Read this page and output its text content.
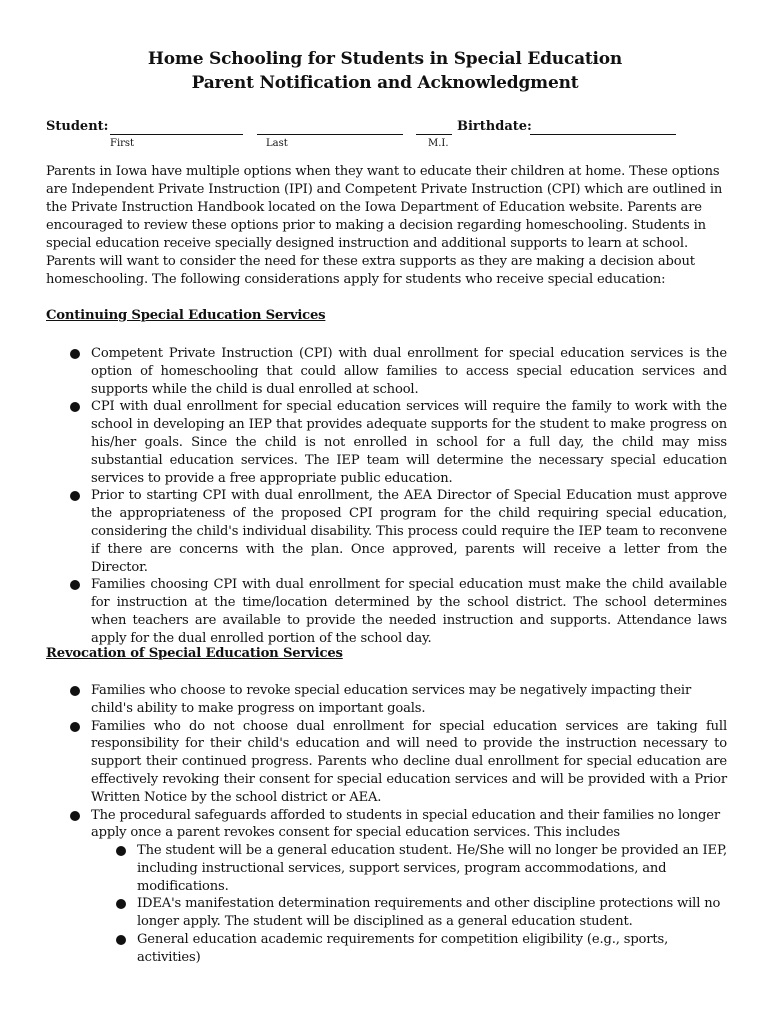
Home Schooling for Students in Special Education
Parent Notification and Acknowledgment
Student:
First	Last	M.I.
Birthdate:
Parents in Iowa have multiple options when they want to educate their children at home. These options are Independent Private Instruction (IPI) and Competent Private Instruction (CPI) which are outlined in the Private Instruction Handbook located on the Iowa Department of Education website. Parents are encouraged to review these options prior to making a decision regarding homeschooling. Students in special education receive specially designed instruction and additional supports to learn at school. Parents will want to consider the need for these extra supports as they are making a decision about homeschooling. The following considerations apply for students who receive special education:
Continuing Special Education Services
Competent Private Instruction (CPI) with dual enrollment for special education services is the option of homeschooling that could allow families to access special education services and supports while the child is dual enrolled at school.
CPI with dual enrollment for special education services will require the family to work with the school in developing an IEP that provides adequate supports for the student to make progress on his/her goals. Since the child is not enrolled in school for a full day, the child may miss substantial education services. The IEP team will determine the necessary special education services to provide a free appropriate public education.
Prior to starting CPI with dual enrollment, the AEA Director of Special Education must approve the appropriateness of the proposed CPI program for the child requiring special education, considering the child's individual disability. This process could require the IEP team to reconvene if there are concerns with the plan. Once approved, parents will receive a letter from the Director.
Families choosing CPI with dual enrollment for special education must make the child available for instruction at the time/location determined by the school district. The school determines when teachers are available to provide the needed instruction and supports. Attendance laws apply for the dual enrolled portion of the school day.
Revocation of Special Education Services
Families who choose to revoke special education services may be negatively impacting their child's ability to make progress on important goals.
Families who do not choose dual enrollment for special education services are taking full responsibility for their child's education and will need to provide the instruction necessary to support their continued progress. Parents who decline dual enrollment for special education are effectively revoking their consent for special education services and will be provided with a Prior Written Notice by the school district or AEA.
The procedural safeguards afforded to students in special education and their families no longer apply once a parent revokes consent for special education services. This includes
The student will be a general education student. He/She will no longer be provided an IEP, including instructional services, support services, program accommodations, and modifications.
IDEA's manifestation determination requirements and other discipline protections will no longer apply. The student will be disciplined as a general education student.
General education academic requirements for competition eligibility (e.g., sports, activities)
